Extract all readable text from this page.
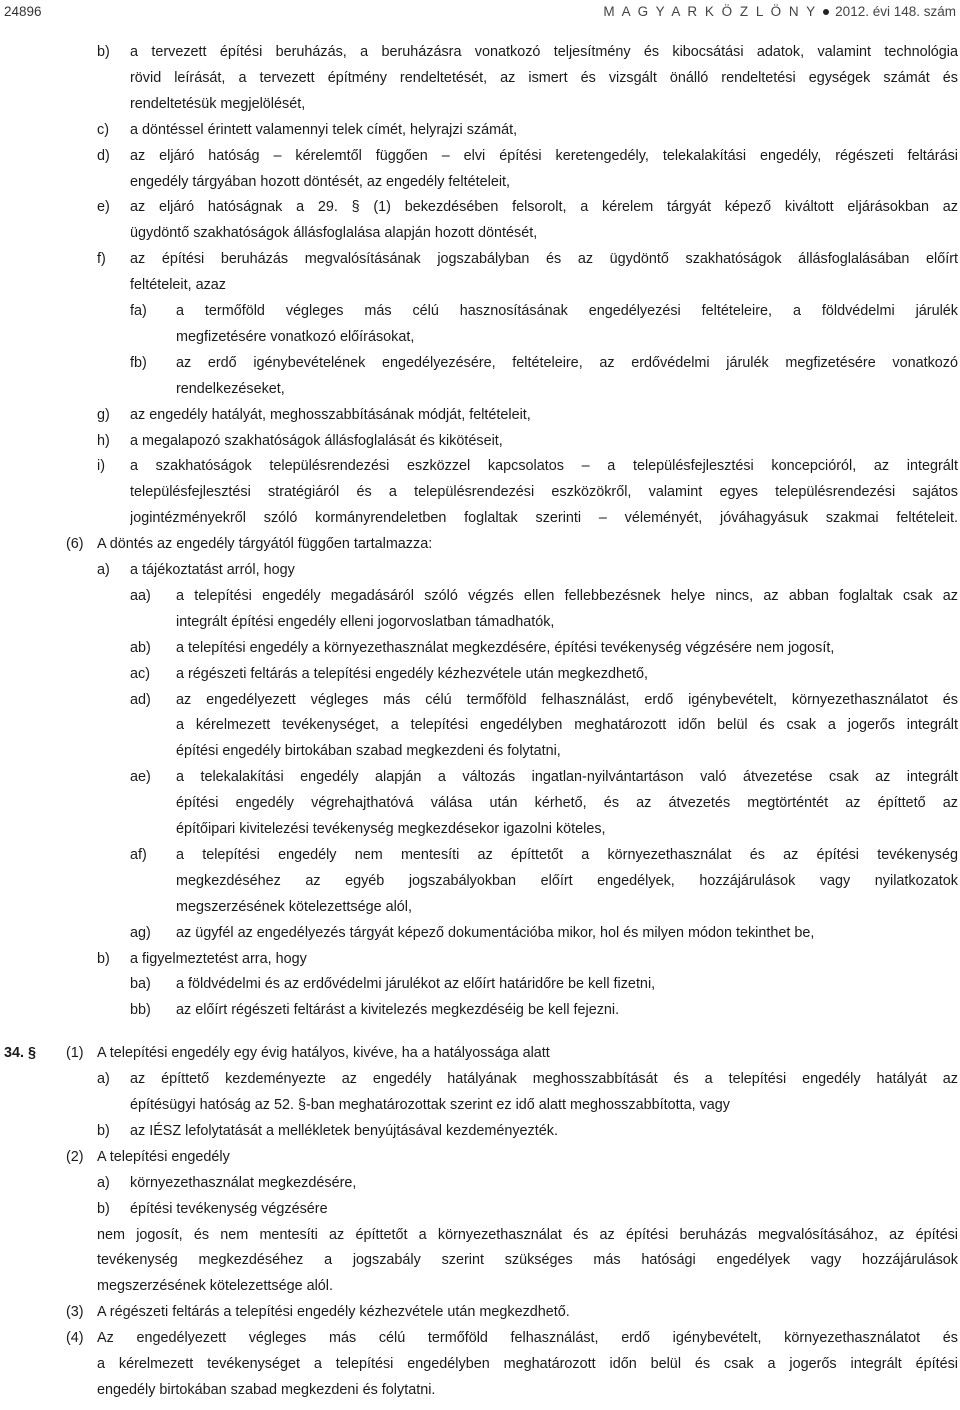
24896	M A G Y A R K Ö Z L Ö N Y 2012. évi 148. szám
b) a tervezett építési beruházás, a beruházásra vonatkozó teljesítmény és kibocsátási adatok, valamint technológia
rövid leírását, a tervezett építmény rendeltetését, az ismert és vizsgált önálló rendeltetési egységek számát és
rendeltetésük megjelölését,
c) a döntéssel érintett valamennyi telek címét, helyrajzi számát,
d) az eljáró hatóság – kérelemtől függően – elvi építési keretengedély, telekalakítási engedély, régészeti feltárási
engedély tárgyában hozott döntését, az engedély feltételeit,
e) az eljáró hatóságnak a 29. § (1) bekezdésében felsorolt, a kérelem tárgyát képező kiváltott eljárásokban az
ügydöntő szakhatóságok állásfoglalása alapján hozott döntését,
f) az építési beruházás megvalósításának jogszabályban és az ügydöntő szakhatóságok állásfoglalásában előírt
feltételeit, azaz
fa) a termőföld végleges más célú hasznosításának engedélyezési feltételeire, a földvédelmi járulék
megfizetésére vonatkozó előírásokat,
fb) az erdő igénybevételének engedélyezésére, feltételeire, az erdővédelmi járulék megfizetésére vonatkozó
rendelkezéseket,
g) az engedély hatályát, meghosszabbításának módját, feltételeit,
h) a megalapozó szakhatóságok állásfoglalását és kikötéseit,
i) a szakhatóságok településrendezési eszközzel kapcsolatos – a településfejlesztési koncepcióról, az integrált
településfejlesztési stratégiáról és a településrendezési eszközökről, valamint egyes településrendezési sajátos
jogintézményekről szóló kormányrendeletben foglaltak szerinti – véleményét, jóváhagyásuk szakmai feltételeit.
(6) A döntés az engedély tárgyától függően tartalmazza:
a) a tájékoztatást arról, hogy
aa) a telepítési engedély megadásáról szóló végzés ellen fellebbezésnek helye nincs, az abban foglaltak csak az
integrált építési engedély elleni jogorvoslatban támadhatók,
ab) a telepítési engedély a környezethasználat megkezdésére, építési tevékenység végzésére nem jogosít,
ac) a régészeti feltárás a telepítési engedély kézhezvétele után megkezdhető,
ad) az engedélyezett végleges más célú termőföld felhasználást, erdő igénybevételt, környezethasználatot és
a kérelmezett tevékenységet, a telepítési engedélyben meghatározott időn belül és csak a jogerős integrált
építési engedély birtokában szabad megkezdeni és folytatni,
ae) a telekalakítási engedély alapján a változás ingatlan-nyilvántartáson való átvezetése csak az integrált
építési engedély végrehajthatóvá válása után kérhető, és az átvezetés megtörténtét az építtető az
építőipari kivitelezési tevékenység megkezdésekor igazolni köteles,
af) a telepítési engedély nem mentesíti az építtetőt a környezethasználat és az építési tevékenység
megkezdéséhez az egyéb jogszabályokban előírt engedélyek, hozzájárulások vagy nyilatkozatok
megszerzésének kötelezettsége alól,
ag) az ügyfél az engedélyezés tárgyát képező dokumentációba mikor, hol és milyen módon tekinthet be,
b) a figyelmeztetést arra, hogy
ba) a földvédelmi és az erdővédelmi járulékot az előírt határidőre be kell fizetni,
bb) az előírt régészeti feltárást a kivitelezés megkezdéséig be kell fejezni.
34. § (1) A telepítési engedély egy évig hatályos, kivéve, ha a hatályossága alatt
a) az építtető kezdeményezte az engedély hatályának meghosszabbítását és a telepítési engedély hatályát az
építésügyi hatóság az 52. §-ban meghatározottak szerint ez idő alatt meghosszabbította, vagy
b) az IÉSZ lefolytatását a mellékletek benyújtásával kezdeményezték.
(2) A telepítési engedély
a) környezethasználat megkezdésére,
b) építési tevékenység végzésére
nem jogosít, és nem mentesíti az építtetőt a környezethasználat és az építési beruházás megvalósításához, az építési
tevékenység megkezdéséhez a jogszabály szerint szükséges más hatósági engedélyek vagy hozzájárulások
megszerzésének kötelezettsége alól.
(3) A régészeti feltárás a telepítési engedély kézhezvétele után megkezdhető.
(4) Az engedélyezett végleges más célú termőföld felhasználást, erdő igénybevételt, környezethasználatot és
a kérelmezett tevékenységet a telepítési engedélyben meghatározott időn belül és csak a jogerős integrált építési
engedély birtokában szabad megkezdeni és folytatni.
